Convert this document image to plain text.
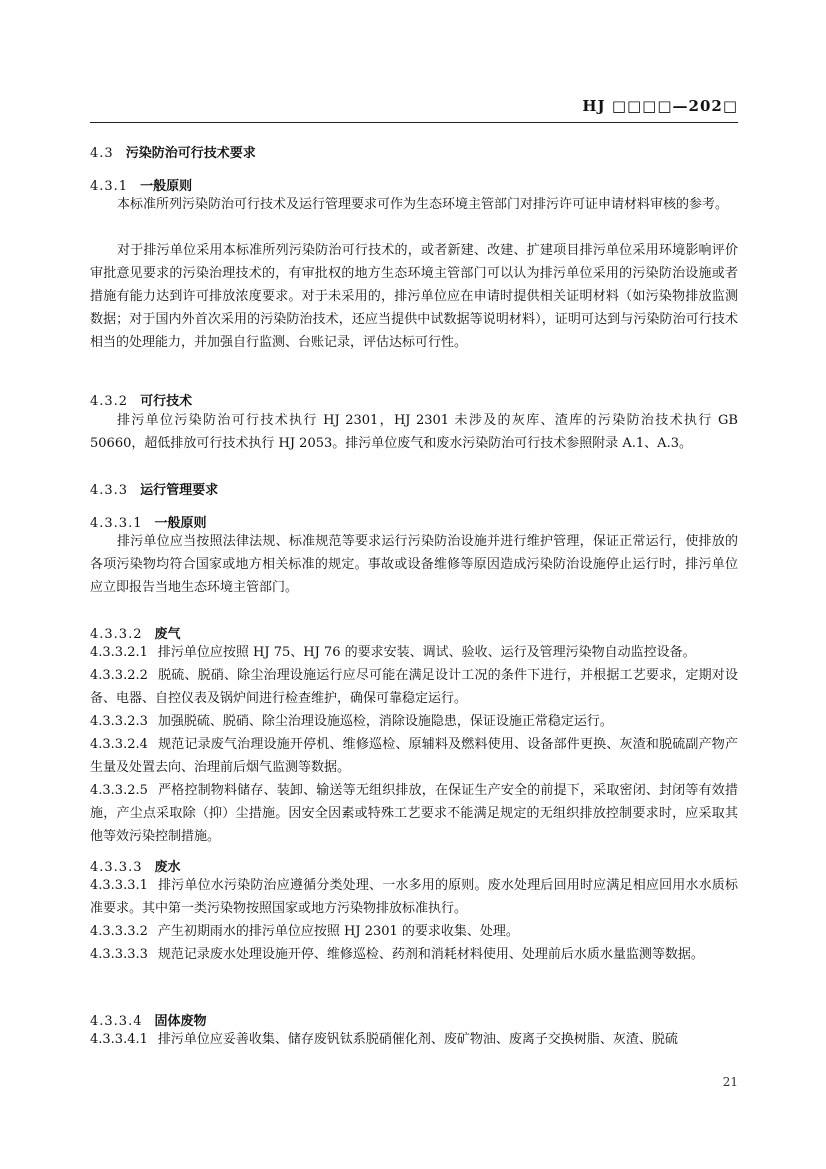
HJ □□□□—202□
4.3 污染防治可行技术要求
4.3.1 一般原则

本标准所列污染防治可行技术及运行管理要求可作为生态环境主管部门对排污许可证申请材料审核的参考。

对于排污单位采用本标准所列污染防治可行技术的，或者新建、改建、扩建项目排污单位采用环境影响评价审批意见要求的污染治理技术的，有审批权的地方生态环境主管部门可以认为排污单位采用的污染防治设施或者措施有能力达到许可排放浓度要求。对于未采用的，排污单位应在申请时提供相关证明材料（如污染物排放监测数据；对于国内外首次采用的污染防治技术，还应当提供中试数据等说明材料），证明可达到与污染防治可行技术相当的处理能力，并加强自行监测、台账记录，评估达标可行性。

4.3.2 可行技术

排污单位污染防治可行技术执行 HJ 2301，HJ 2301 未涉及的灰库、渣库的污染防治技术执行 GB 50660，超低排放可行技术执行 HJ 2053。排污单位废气和废水污染防治可行技术参照附录 A.1、A.3。

4.3.3 运行管理要求
4.3.3.1 一般原则

排污单位应当按照法律法规、标准规范等要求运行污染防治设施并进行维护管理，保证正常运行，使排放的各项污染物均符合国家或地方相关标准的规定。事故或设备维修等原因造成污染防治设施停止运行时，排污单位应立即报告当地生态环境主管部门。

4.3.3.2 废气

4.3.3.2.1 排污单位应按照 HJ 75、HJ 76 的要求安装、调试、验收、运行及管理污染物自动监控设备。

4.3.3.2.2 脱硫、脱硝、除尘治理设施运行应尽可能在满足设计工况的条件下进行，并根据工艺要求，定期对设备、电器、自控仪表及锅炉间进行检查维护，确保可靠稳定运行。

4.3.3.2.3 加强脱硫、脱硝、除尘治理设施巡检，消除设施隐患，保证设施正常稳定运行。

4.3.3.2.4 规范记录废气治理设施开停机、维修巡检、原辅料及燃料使用、设备部件更换、灰渣和脱硫副产物产生量及处置去向、治理前后烟气监测等数据。

4.3.3.2.5 严格控制物料储存、装卸、输送等无组织排放，在保证生产安全的前提下，采取密闭、封闭等有效措施，产尘点采取除（抑）尘措施。因安全因素或特殊工艺要求不能满足规定的无组织排放控制要求时，应采取其他等效污染控制措施。

4.3.3.3 废水

4.3.3.3.1 排污单位水污染防治应遵循分类处理、一水多用的原则。废水处理后回用时应满足相应回用水水质标准要求。其中第一类污染物按照国家或地方污染物排放标准执行。

4.3.3.3.2 产生初期雨水的排污单位应按照 HJ 2301 的要求收集、处理。

4.3.3.3.3 规范记录废水处理设施开停、维修巡检、药剂和消耗材料使用、处理前后水质水量监测等数据。

4.3.3.4 固体废物

4.3.3.4.1 排污单位应妥善收集、储存废钒钛系脱硝催化剂、废矿物油、废离子交换树脂、灰渣、脱硫

21
